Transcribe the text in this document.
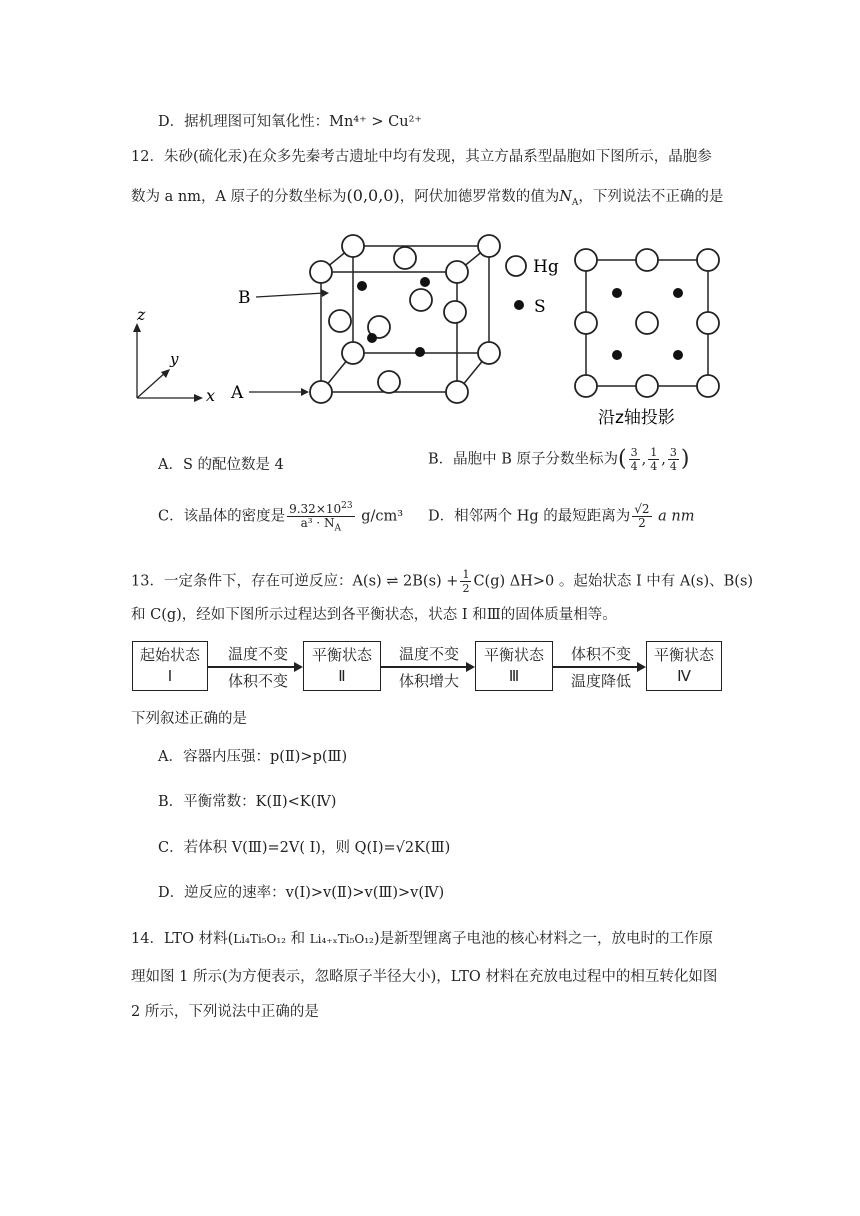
D．据机理图可知氧化性：Mn⁴⁺ > Cu²⁺
12．朱砂(硫化汞)在众多先秦考古遗址中均有发现，其立方晶系型晶胞如下图所示，晶胞参
数为 a nm，A 原子的分数坐标为(0,0,0)，阿伏加德罗常数的值为$N_A$，下列说法不正确的是
B
A
z
y
x
Hg
S
沿z轴投影
A．S 的配位数是 4	B．晶胞中 B 原子分数坐标为( $\frac{3}{4}$ , $\frac{1}{4}$ , $\frac{3}{4}$ )
C．该晶体的密度是 $\frac{9.32\times 10^{23}}{a^3 \cdot N_A} g/cm^3$ D．相邻两个 Hg 的最短距离为 $\frac{√2}{2}$ a nm
13．一定条件下，存在可逆反应：A(s) ⇌ $2B(s) + \frac{1}{2} C(g)$ ΔH>0 。起始状态 Ⅰ 中有 A(s)、B(s)
和 C(g)，经如下图所示过程达到各平衡状态，状态 Ⅰ 和Ⅲ的固体质量相等。
起始状态
Ⅰ
温度不变
体积不变
平衡状态
Ⅱ
温度不变
体积增大
平衡状态
Ⅲ
体积不变
温度降低
平衡状态
Ⅳ
下列叙述正确的是
A．容器内压强：p(Ⅱ)>p(Ⅲ)
B．平衡常数：K(Ⅱ)<K(Ⅳ)
C．若体积 V(Ⅲ)=2V( Ⅰ)，则 Q(Ⅰ)=√2K(Ⅲ)
D．逆反应的速率：v(Ⅰ)>v(Ⅱ)>v(Ⅲ)>v(Ⅳ)
14．LTO 材料(Li₄Ti₅O₁₂ 和 Li₄₊ₓTi₅O₁₂)是新型锂离子电池的核心材料之一，放电时的工作原
理如图 1 所示(为方便表示，忽略原子半径大小)，LTO 材料在充放电过程中的相互转化如图
2 所示，下列说法中正确的是
